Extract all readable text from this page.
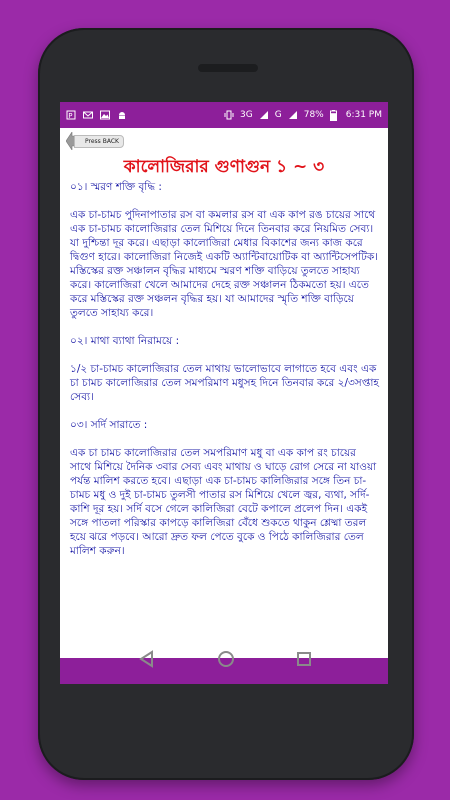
P	3G G 78% 6:31 PM
Press BACK
কালোজিরার গুণাগুন ১ ~ ৩

০১। স্মরণ শক্তি বৃদ্ধি :

এক চা-চামচ পুদিনাপাতার রস বা কমলার রস বা এক কাপ রঙ চায়ের সাথে এক চা-চামচ কালোজিরার তেল মিশিয়ে দিনে তিনবার করে নিয়মিত সেব্য। যা দুশ্চিন্তা দূর করে। এছাড়া কালোজিরা মেধার বিকাশের জন্য কাজ করে দ্বিগুণ হারে। কালোজিরা নিজেই একটি অ্যান্টিবায়োটিক বা অ্যান্টিসেপটিক। মস্তিস্কের রক্ত সঞ্চালন বৃদ্ধির মাধ্যমে স্মরণ শক্তি বাড়িয়ে তুলতে সাহায্য করে। কালোজিরা খেলে আমাদের দেহে রক্ত সঞ্চালন ঠিকমতো হয়। এতে করে মস্তিস্কের রক্ত সঞ্চলন বৃদ্ধির হয়। যা আমাদের স্মৃতি শক্তি বাড়িয়ে তুলতে সাহায্য করে।

০২। মাথা ব্যাথা নিরাময়ে :

১/২ চা-চামচ কালোজিরার তেল মাথায় ভালোভাবে লাগাতে হবে এবং এক চা চামচ কালোজিরার তেল সমপরিমাণ মধুসহ দিনে তিনবার করে ২/৩সপ্তাহ সেব্য।

০৩। সর্দি সারাতে :

এক চা চামচ কালোজিরার তেল সমপরিমাণ মধু বা এক কাপ রং চায়ের সাথে মিশিয়ে দৈনিক ৩বার সেব্য এবং মাথায় ও ঘাড়ে রোগ সেরে না যাওয়া পর্যন্ত মালিশ করতে হবে। এছাড়া এক চা-চামচ কালিজিরার সঙ্গে তিন চা-চামচ মধু ও দুই চা-চামচ তুলসী পাতার রস মিশিয়ে খেলে জ্বর, ব্যথা, সর্দি-কাশি দূর হয়। সর্দি বসে গেলে কালিজিরা বেটে কপালে প্রলেপ দিন। একই সঙ্গে পাতলা পরিস্কার কাপড়ে কালিজিরা বেঁধে শুকতে থাকুন শ্লেষ্মা তরল হয়ে ঝরে পড়বে। আরো দ্রুত ফল পেতে বুকে ও পিঠে কালিজিরার তেল মালিশ করুন।
